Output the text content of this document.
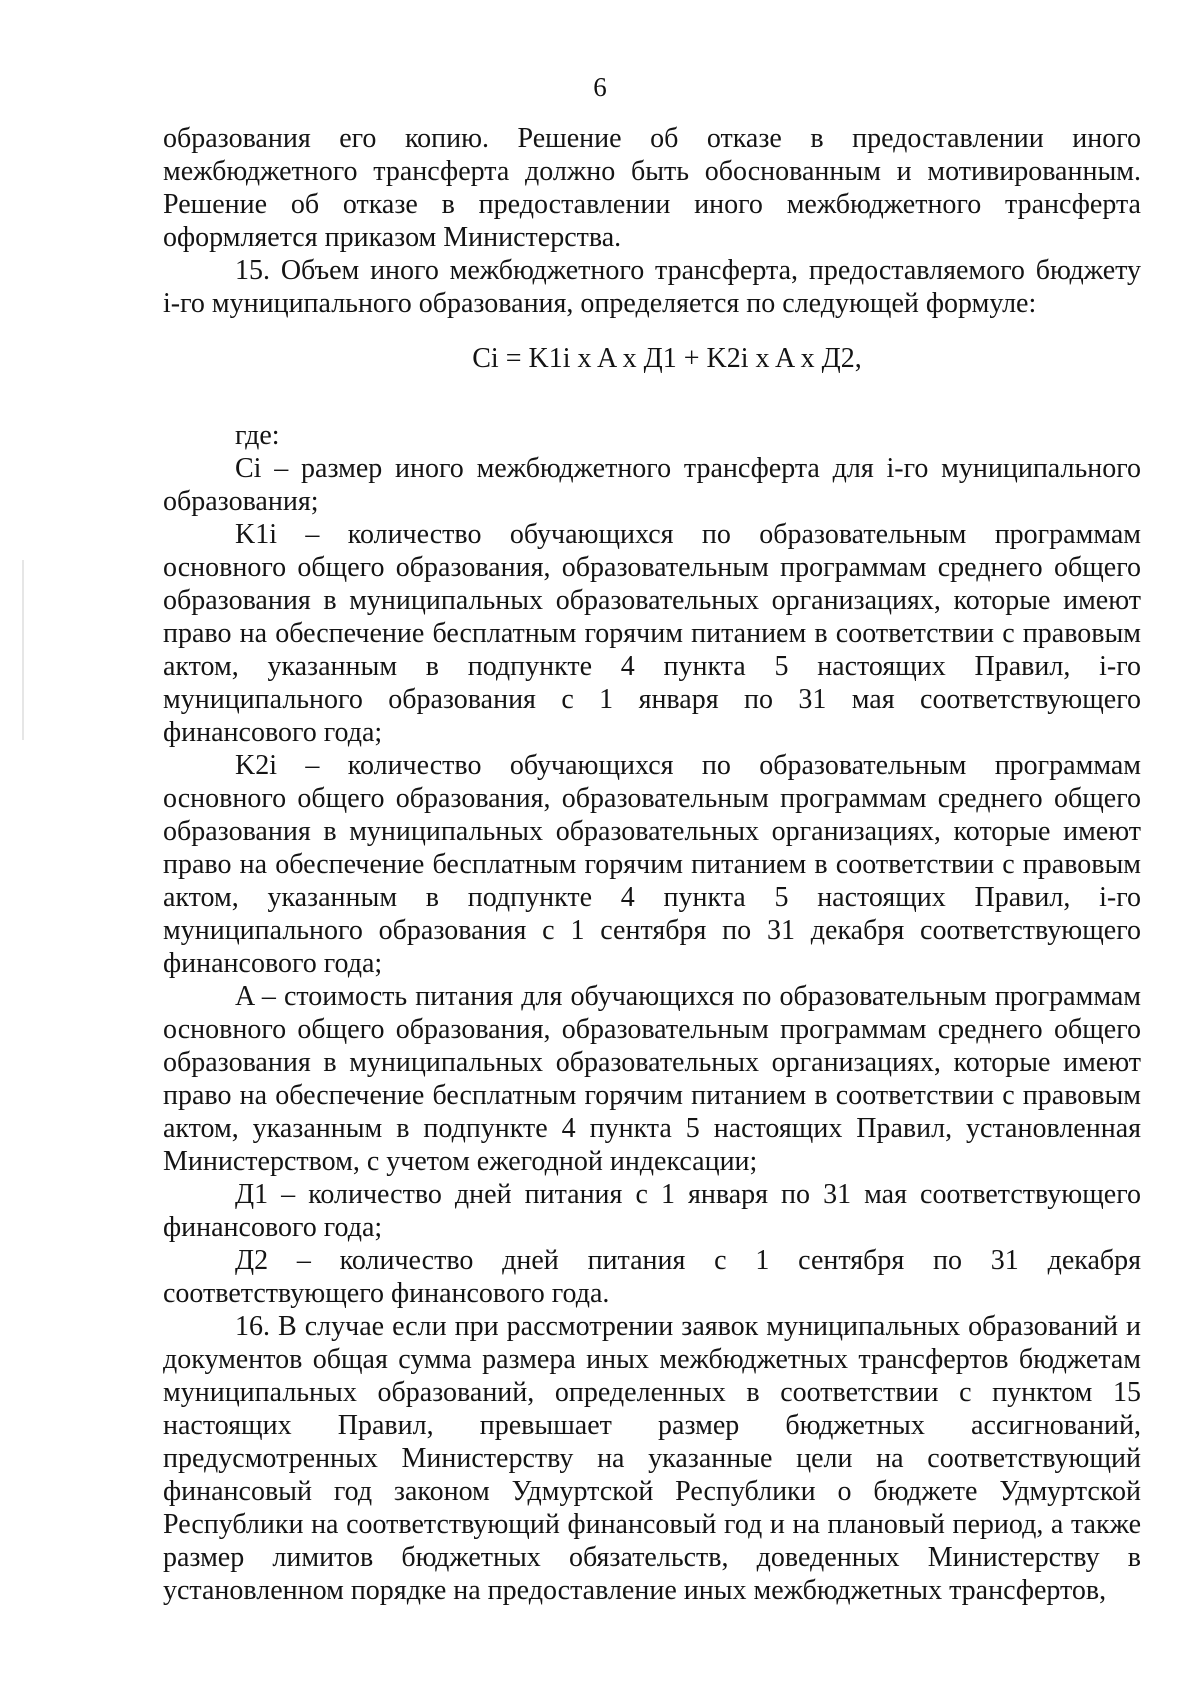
6

образования его копию. Решение об отказе в предоставлении иного межбюджетного трансферта должно быть обоснованным и мотивированным. Решение об отказе в предоставлении иного межбюджетного трансферта оформляется приказом Министерства.

15. Объем иного межбюджетного трансферта, предоставляемого бюджету i-го муниципального образования, определяется по следующей формуле:

Ci = K1i x A x Д1 + K2i x A x Д2,

где:

Ci – размер иного межбюджетного трансферта для i-го муниципального образования;

K1i – количество обучающихся по образовательным программам основного общего образования, образовательным программам среднего общего образования в муниципальных образовательных организациях, которые имеют право на обеспечение бесплатным горячим питанием в соответствии с правовым актом, указанным в подпункте 4 пункта 5 настоящих Правил, i-го муниципального образования с 1 января по 31 мая соответствующего финансового года;

K2i – количество обучающихся по образовательным программам основного общего образования, образовательным программам среднего общего образования в муниципальных образовательных организациях, которые имеют право на обеспечение бесплатным горячим питанием в соответствии с правовым актом, указанным в подпункте 4 пункта 5 настоящих Правил, i-го муниципального образования с 1 сентября по 31 декабря соответствующего финансового года;

A – стоимость питания для обучающихся по образовательным программам основного общего образования, образовательным программам среднего общего образования в муниципальных образовательных организациях, которые имеют право на обеспечение бесплатным горячим питанием в соответствии с правовым актом, указанным в подпункте 4 пункта 5 настоящих Правил, установленная Министерством, с учетом ежегодной индексации;

Д1 – количество дней питания с 1 января по 31 мая соответствующего финансового года;

Д2 – количество дней питания с 1 сентября по 31 декабря соответствующего финансового года.

16. В случае если при рассмотрении заявок муниципальных образований и документов общая сумма размера иных межбюджетных трансфертов бюджетам муниципальных образований, определенных в соответствии с пунктом 15 настоящих Правил, превышает размер бюджетных ассигнований, предусмотренных Министерству на указанные цели на соответствующий финансовый год законом Удмуртской Республики о бюджете Удмуртской Республики на соответствующий финансовый год и на плановый период, а также размер лимитов бюджетных обязательств, доведенных Министерству в установленном порядке на предоставление иных межбюджетных трансфертов,
